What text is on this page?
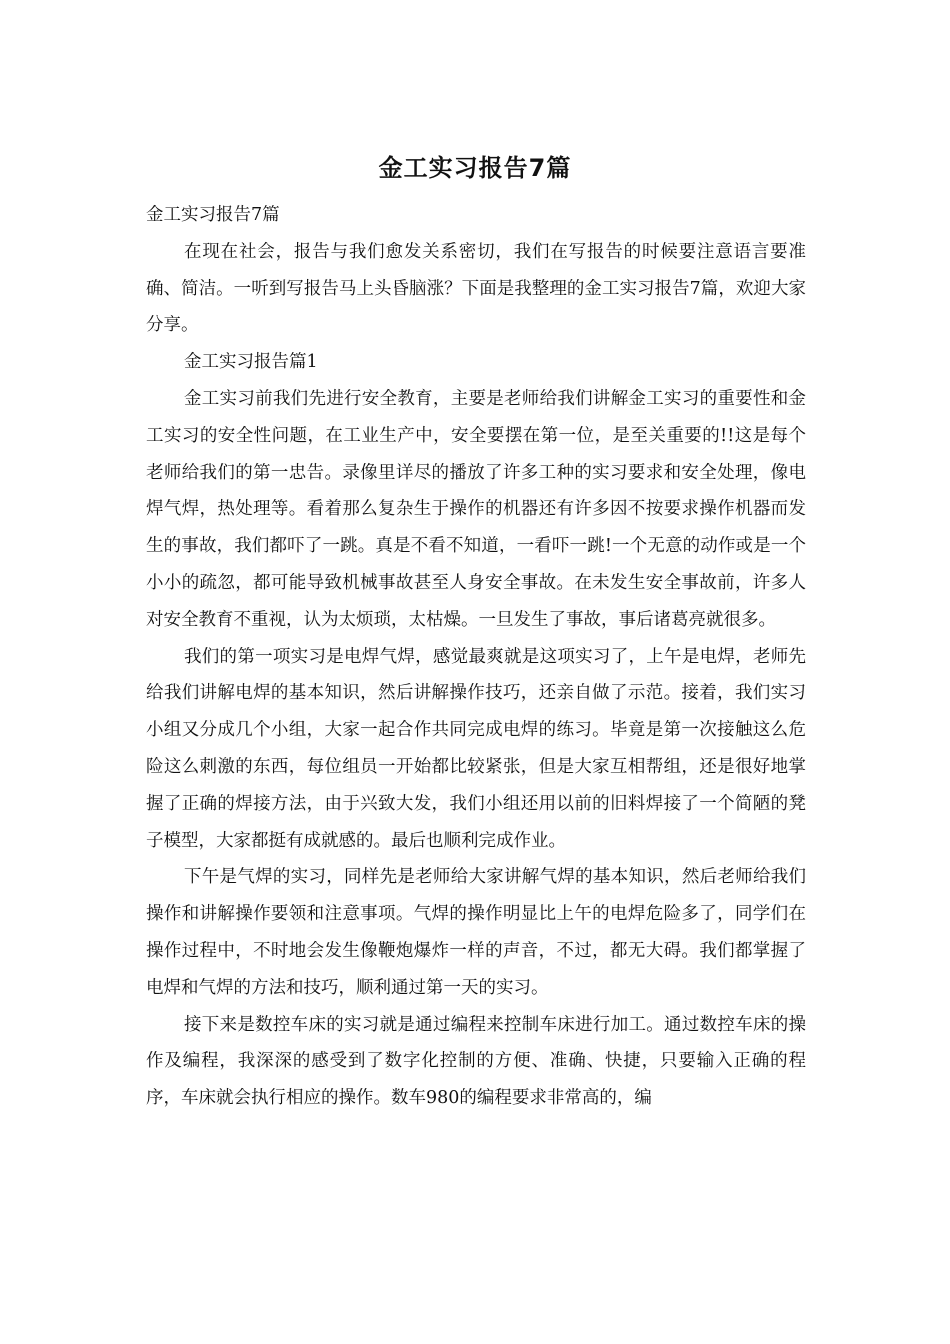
金工实习报告7篇

金工实习报告7篇

在现在社会，报告与我们愈发关系密切，我们在写报告的时候要注意语言要准确、简洁。一听到写报告马上头昏脑涨？下面是我整理的金工实习报告7篇，欢迎大家分享。

金工实习报告篇1

金工实习前我们先进行安全教育，主要是老师给我们讲解金工实习的重要性和金工实习的安全性问题，在工业生产中，安全要摆在第一位，是至关重要的!!这是每个老师给我们的第一忠告。录像里详尽的播放了许多工种的实习要求和安全处理，像电焊气焊，热处理等。看着那么复杂生于操作的机器还有许多因不按要求操作机器而发生的事故，我们都吓了一跳。真是不看不知道，一看吓一跳!一个无意的动作或是一个小小的疏忽，都可能导致机械事故甚至人身安全事故。在未发生安全事故前，许多人对安全教育不重视，认为太烦琐，太枯燥。一旦发生了事故，事后诸葛亮就很多。

我们的第一项实习是电焊气焊，感觉最爽就是这项实习了，上午是电焊，老师先给我们讲解电焊的基本知识，然后讲解操作技巧，还亲自做了示范。接着，我们实习小组又分成几个小组，大家一起合作共同完成电焊的练习。毕竟是第一次接触这么危险这么刺激的东西，每位组员一开始都比较紧张，但是大家互相帮组，还是很好地掌握了正确的焊接方法，由于兴致大发，我们小组还用以前的旧料焊接了一个简陋的凳子模型，大家都挺有成就感的。最后也顺利完成作业。

下午是气焊的实习，同样先是老师给大家讲解气焊的基本知识，然后老师给我们操作和讲解操作要领和注意事项。气焊的操作明显比上午的电焊危险多了，同学们在操作过程中，不时地会发生像鞭炮爆炸一样的声音，不过，都无大碍。我们都掌握了电焊和气焊的方法和技巧，顺利通过第一天的实习。

接下来是数控车床的实习就是通过编程来控制车床进行加工。通过数控车床的操作及编程，我深深的感受到了数字化控制的方便、准确、快捷，只要输入正确的程序，车床就会执行相应的操作。数车980的编程要求非常高的，编
